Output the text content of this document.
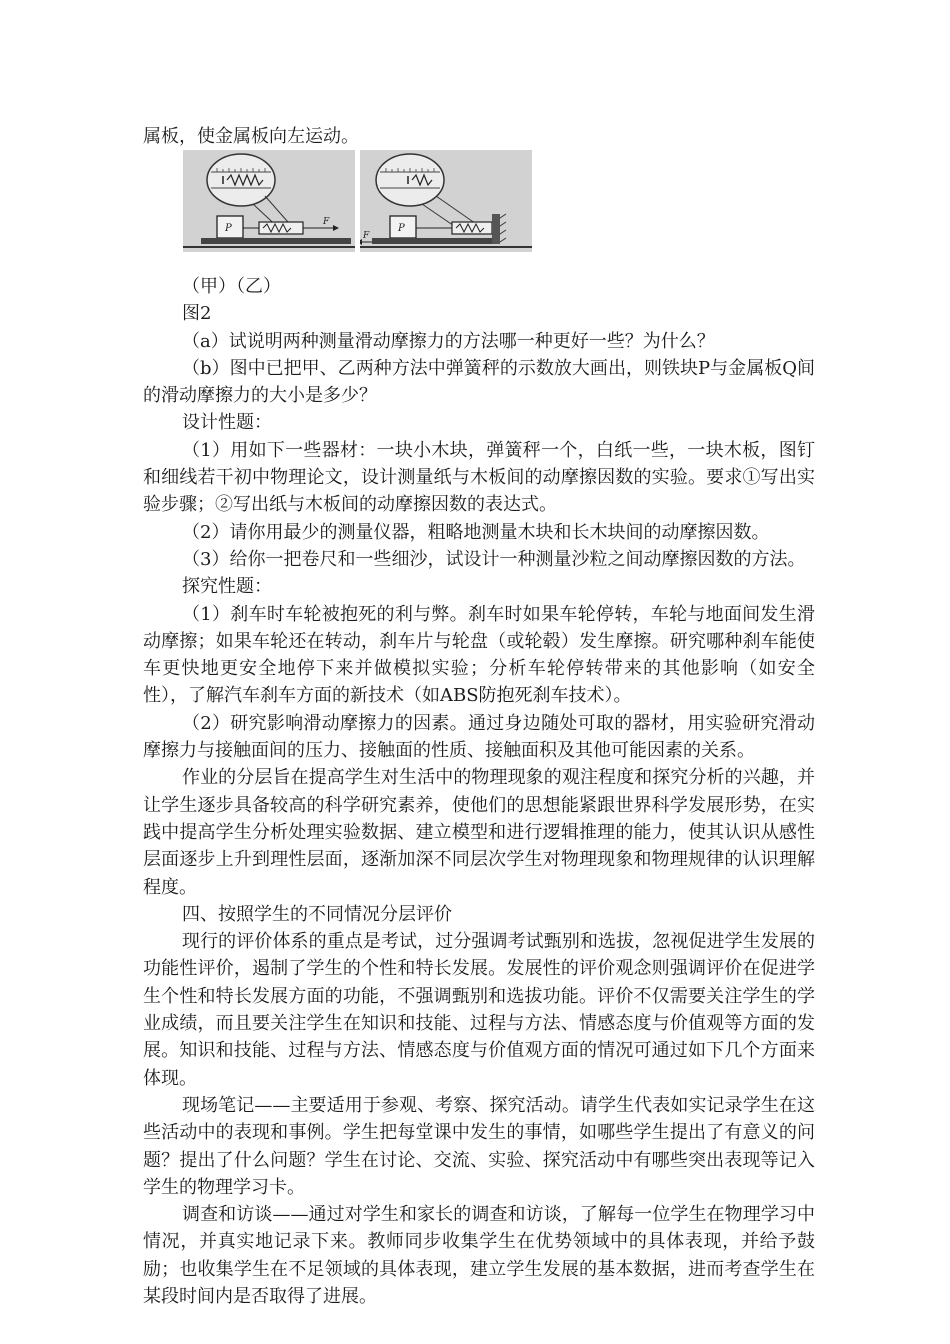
属板，使金属板向左运动。

P
F
P
F

（甲）（乙）

图2

（a）试说明两种测量滑动摩擦力的方法哪一种更好一些？为什么？

（b）图中已把甲、乙两种方法中弹簧秤的示数放大画出，则铁块P与金属板Q间的滑动摩擦力的大小是多少？

设计性题：

（1）用如下一些器材：一块小木块，弹簧秤一个，白纸一些，一块木板，图钉和细线若干初中物理论文，设计测量纸与木板间的动摩擦因数的实验。要求①写出实验步骤；②写出纸与木板间的动摩擦因数的表达式。

（2）请你用最少的测量仪器，粗略地测量木块和长木块间的动摩擦因数。

（3）给你一把卷尺和一些细沙，试设计一种测量沙粒之间动摩擦因数的方法。

探究性题：

（1）刹车时车轮被抱死的利与弊。刹车时如果车轮停转，车轮与地面间发生滑动摩擦；如果车轮还在转动，刹车片与轮盘（或轮毂）发生摩擦。研究哪种刹车能使车更快地更安全地停下来并做模拟实验；分析车轮停转带来的其他影响（如安全性），了解汽车刹车方面的新技术（如ABS防抱死刹车技术）。

（2）研究影响滑动摩擦力的因素。通过身边随处可取的器材，用实验研究滑动摩擦力与接触面间的压力、接触面的性质、接触面积及其他可能因素的关系。

作业的分层旨在提高学生对生活中的物理现象的观注程度和探究分析的兴趣，并让学生逐步具备较高的科学研究素养，使他们的思想能紧跟世界科学发展形势，在实践中提高学生分析处理实验数据、建立模型和进行逻辑推理的能力，使其认识从感性层面逐步上升到理性层面，逐渐加深不同层次学生对物理现象和物理规律的认识理解程度。

四、按照学生的不同情况分层评价

现行的评价体系的重点是考试，过分强调考试甄别和选拔，忽视促进学生发展的功能性评价，遏制了学生的个性和特长发展。发展性的评价观念则强调评价在促进学生个性和特长发展方面的功能，不强调甄别和选拔功能。评价不仅需要关注学生的学业成绩，而且要关注学生在知识和技能、过程与方法、情感态度与价值观等方面的发展。知识和技能、过程与方法、情感态度与价值观方面的情况可通过如下几个方面来体现。

现场笔记——主要适用于参观、考察、探究活动。请学生代表如实记录学生在这些活动中的表现和事例。学生把每堂课中发生的事情，如哪些学生提出了有意义的问题？提出了什么问题？学生在讨论、交流、实验、探究活动中有哪些突出表现等记入学生的物理学习卡。

调查和访谈——通过对学生和家长的调查和访谈，了解每一位学生在物理学习中情况，并真实地记录下来。教师同步收集学生在优势领域中的具体表现，并给予鼓励；也收集学生在不足领域的具体表现，建立学生发展的基本数据，进而考查学生在某段时间内是否取得了进展。
